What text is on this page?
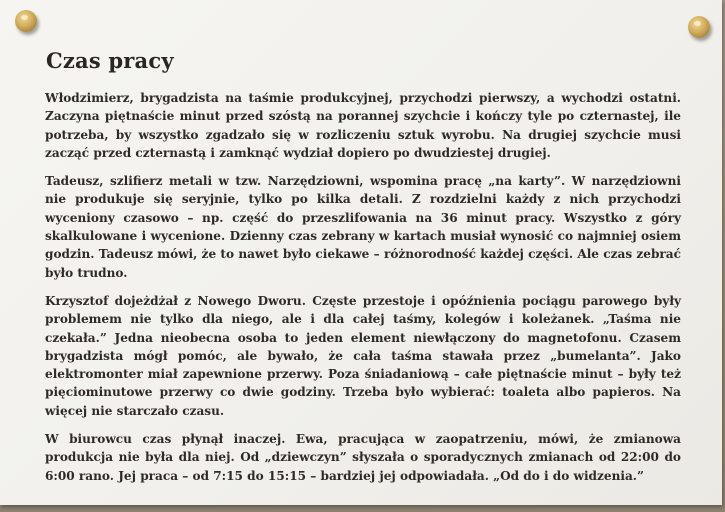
Czas pracy

Włodzimierz, brygadzista na taśmie produkcyjnej, przychodzi pierwszy, a wychodzi ostatni. Zaczyna piętnaście minut przed szóstą na porannej szychcie i kończy tyle po czternastej, ile potrzeba, by wszystko zgadzało się w rozliczeniu sztuk wyrobu. Na drugiej szychcie musi zacząć przed czternastą i zamknąć wydział dopiero po dwudziestej drugiej.

Tadeusz, szlifierz metali w tzw. Narzędziowni, wspomina pracę „na karty”. W narzędziowni nie produkuje się seryjnie, tylko po kilka detali. Z rozdzielni każdy z nich przychodzi wyceniony czasowo – np. część do przeszlifowania na 36 minut pracy. Wszystko z góry skalkulowane i wycenione. Dzienny czas zebrany w kartach musiał wynosić co najmniej osiem godzin. Tadeusz mówi, że to nawet było ciekawe – różnorodność każdej części. Ale czas zebrać było trudno.

Krzysztof dojeżdżał z Nowego Dworu. Częste przestoje i opóźnienia pociągu parowego były problemem nie tylko dla niego, ale i dla całej taśmy, kolegów i koleżanek. „Taśma nie czekała.” Jedna nieobecna osoba to jeden element niewłączony do magnetofonu. Czasem brygadzista mógł pomóc, ale bywało, że cała taśma stawała przez „bumelanta”. Jako elektromonter miał zapewnione przerwy. Poza śniadaniową – całe piętnaście minut – były też pięciominutowe przerwy co dwie godziny. Trzeba było wybierać: toaleta albo papieros. Na więcej nie starczało czasu.

W biurowcu czas płynął inaczej. Ewa, pracująca w zaopatrzeniu, mówi, że zmianowa produkcja nie była dla niej. Od „dziewczyn” słyszała o sporadycznych zmianach od 22:00 do 6:00 rano. Jej praca – od 7:15 do 15:15 – bardziej jej odpowiadała. „Od do i do widzenia.”
